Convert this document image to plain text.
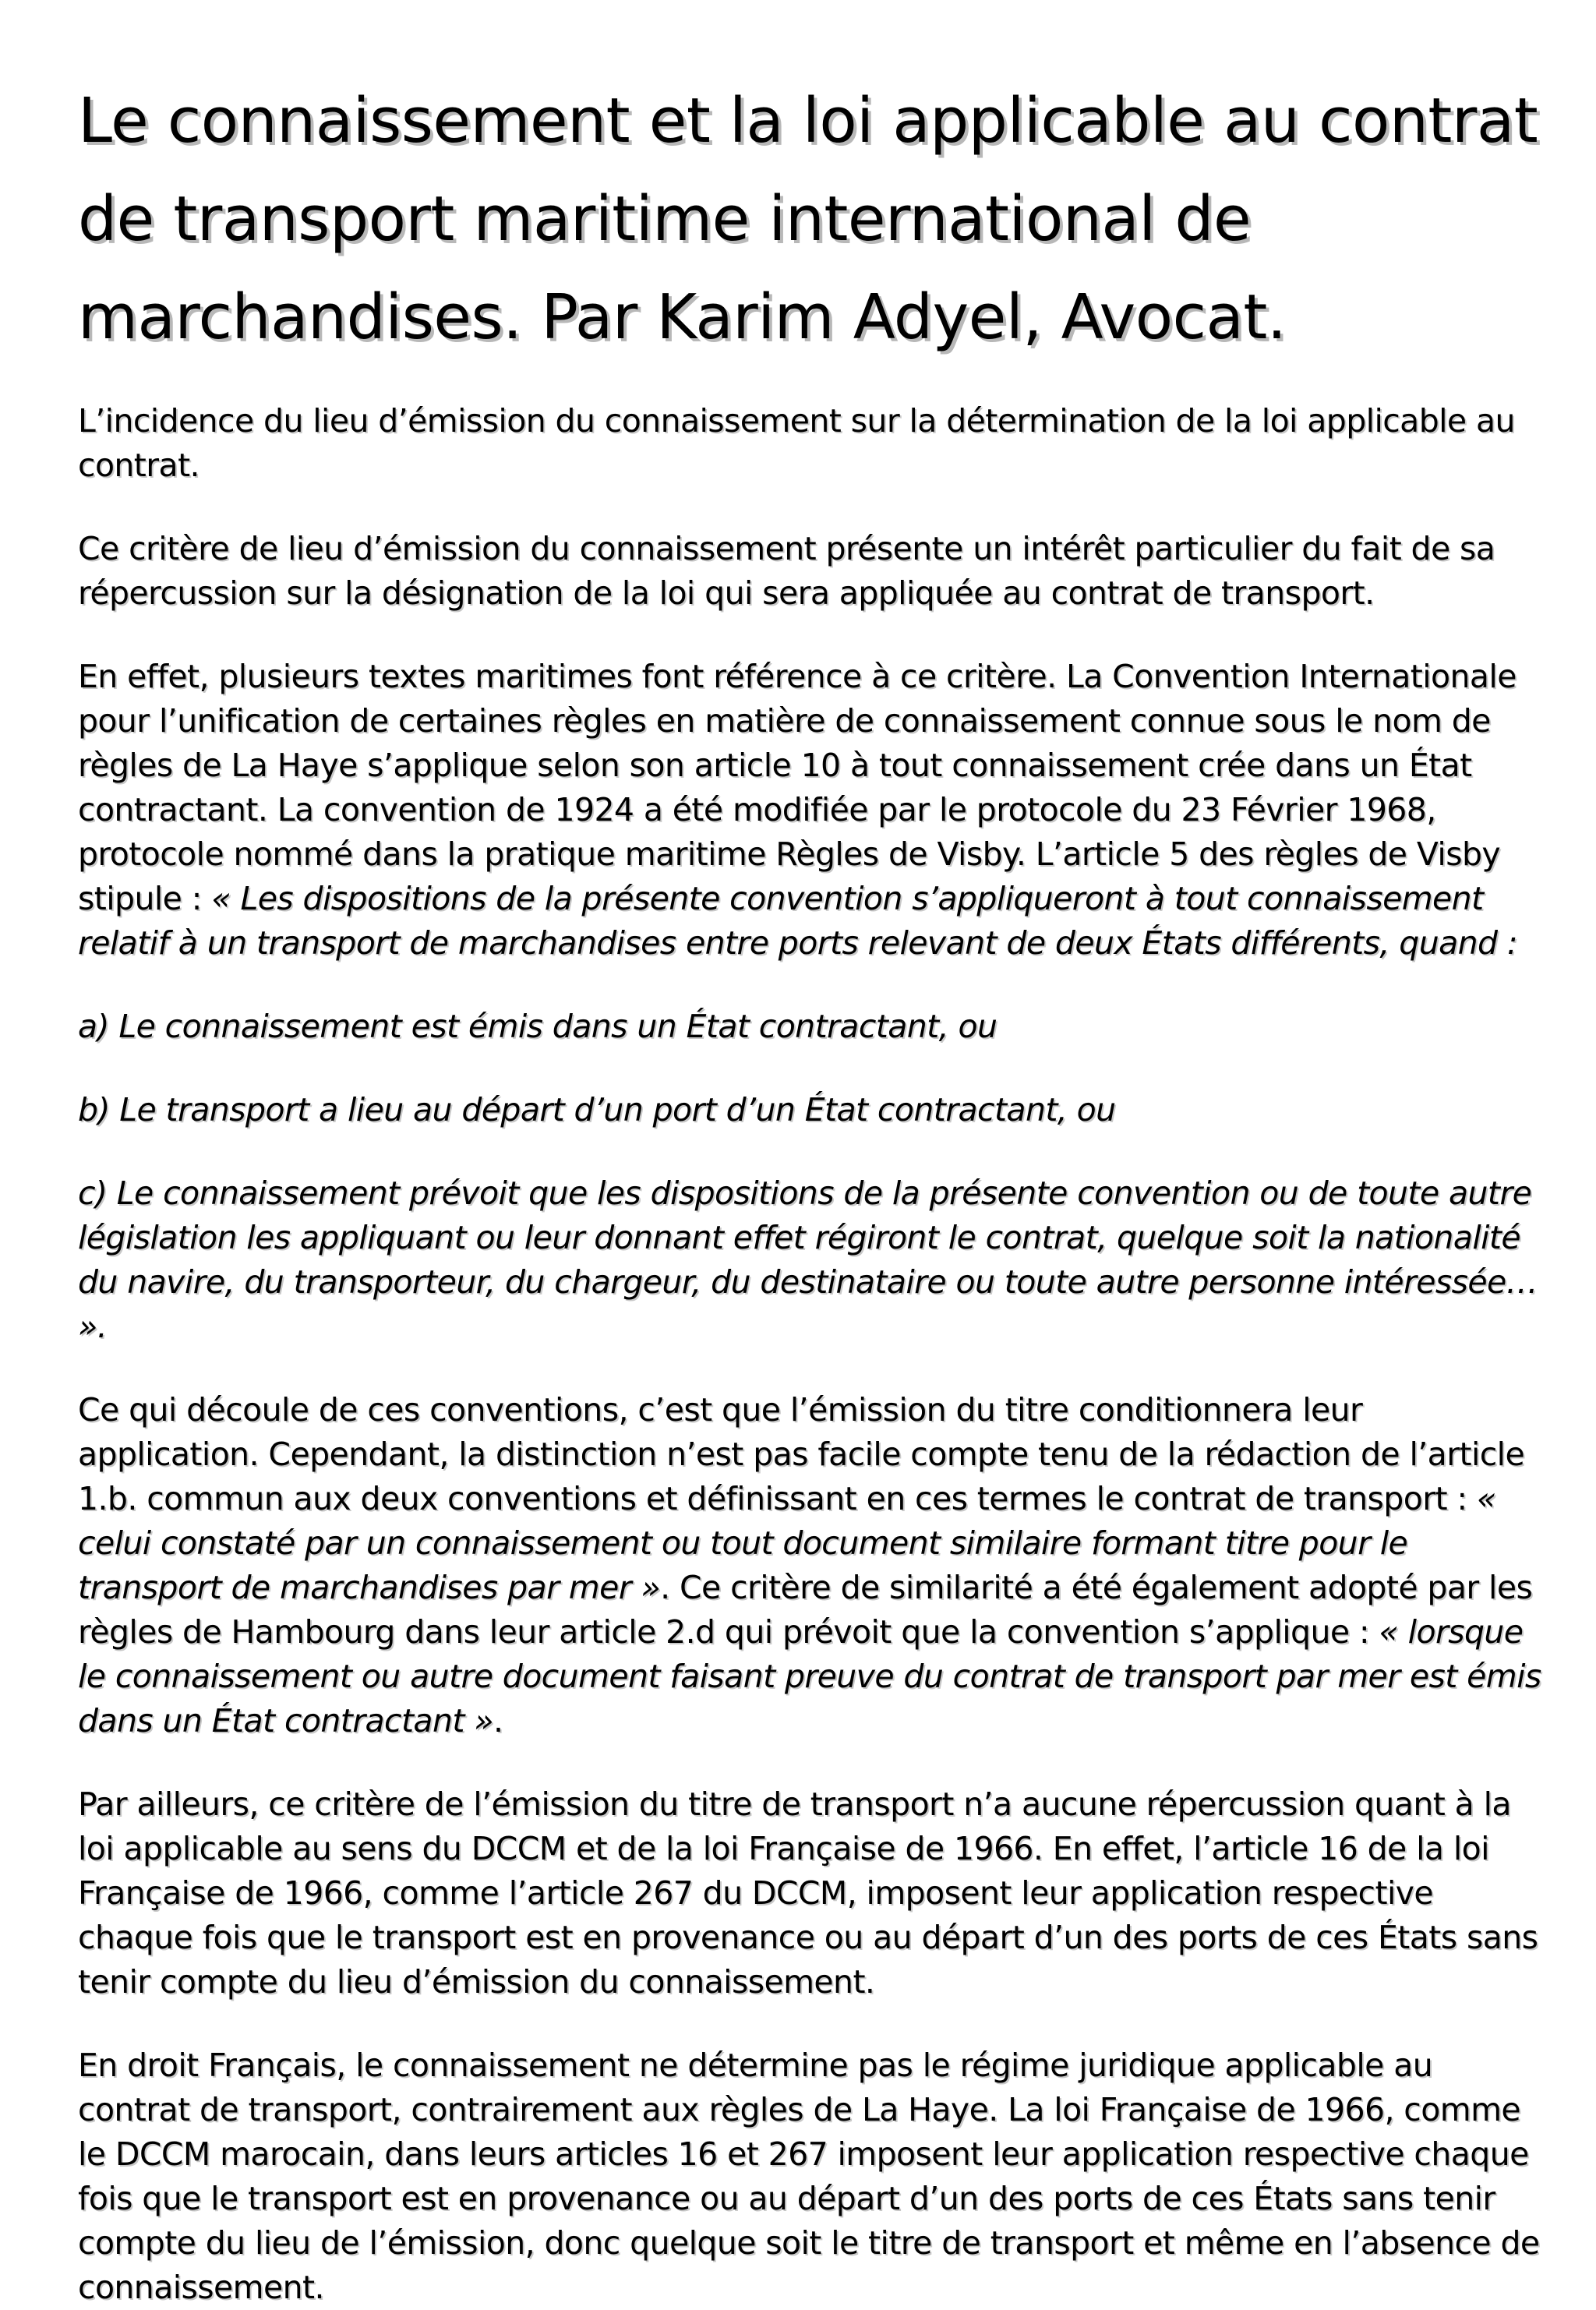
Le connaissement et la loi applicable au contrat de transport maritime international de marchandises. Par Karim Adyel, Avocat.

L’incidence du lieu d’émission du connaissement sur la détermination de la loi applicable au contrat.

Ce critère de lieu d’émission du connaissement présente un intérêt particulier du fait de sa répercussion sur la désignation de la loi qui sera appliquée au contrat de transport.

En effet, plusieurs textes maritimes font référence à ce critère. La Convention Internationale pour l’unification de certaines règles en matière de connaissement connue sous le nom de règles de La Haye s’applique selon son article 10 à tout connaissement crée dans un État contractant. La convention de 1924 a été modifiée par le protocole du 23 Février 1968, protocole nommé dans la pratique maritime Règles de Visby. L’article 5 des règles de Visby stipule : « Les dispositions de la présente convention s’appliqueront à tout connaissement relatif à un transport de marchandises entre ports relevant de deux États différents, quand :

a) Le connaissement est émis dans un État contractant, ou

b) Le transport a lieu au départ d’un port d’un État contractant, ou

c) Le connaissement prévoit que les dispositions de la présente convention ou de toute autre législation les appliquant ou leur donnant effet régiront le contrat, quelque soit la nationalité du navire, du transporteur, du chargeur, du destinataire ou toute autre personne intéressée… ».

Ce qui découle de ces conventions, c’est que l’émission du titre conditionnera leur application. Cependant, la distinction n’est pas facile compte tenu de la rédaction de l’article 1.b. commun aux deux conventions et définissant en ces termes le contrat de transport : « celui constaté par un connaissement ou tout document similaire formant titre pour le transport de marchandises par mer ». Ce critère de similarité a été également adopté par les règles de Hambourg dans leur article 2.d qui prévoit que la convention s’applique : « lorsque le connaissement ou autre document faisant preuve du contrat de transport par mer est émis dans un État contractant ».

Par ailleurs, ce critère de l’émission du titre de transport n’a aucune répercussion quant à la loi applicable au sens du DCCM et de la loi Française de 1966. En effet, l’article 16 de la loi Française de 1966, comme l’article 267 du DCCM, imposent leur application respective chaque fois que le transport est en provenance ou au départ d’un des ports de ces États sans tenir compte du lieu d’émission du connaissement.

En droit Français, le connaissement ne détermine pas le régime juridique applicable au contrat de transport, contrairement aux règles de La Haye. La loi Française de 1966, comme le DCCM marocain, dans leurs articles 16 et 267 imposent leur application respective chaque fois que le transport est en provenance ou au départ d’un des ports de ces États sans tenir compte du lieu de l’émission, donc quelque soit le titre de transport et même en l’absence de connaissement.
